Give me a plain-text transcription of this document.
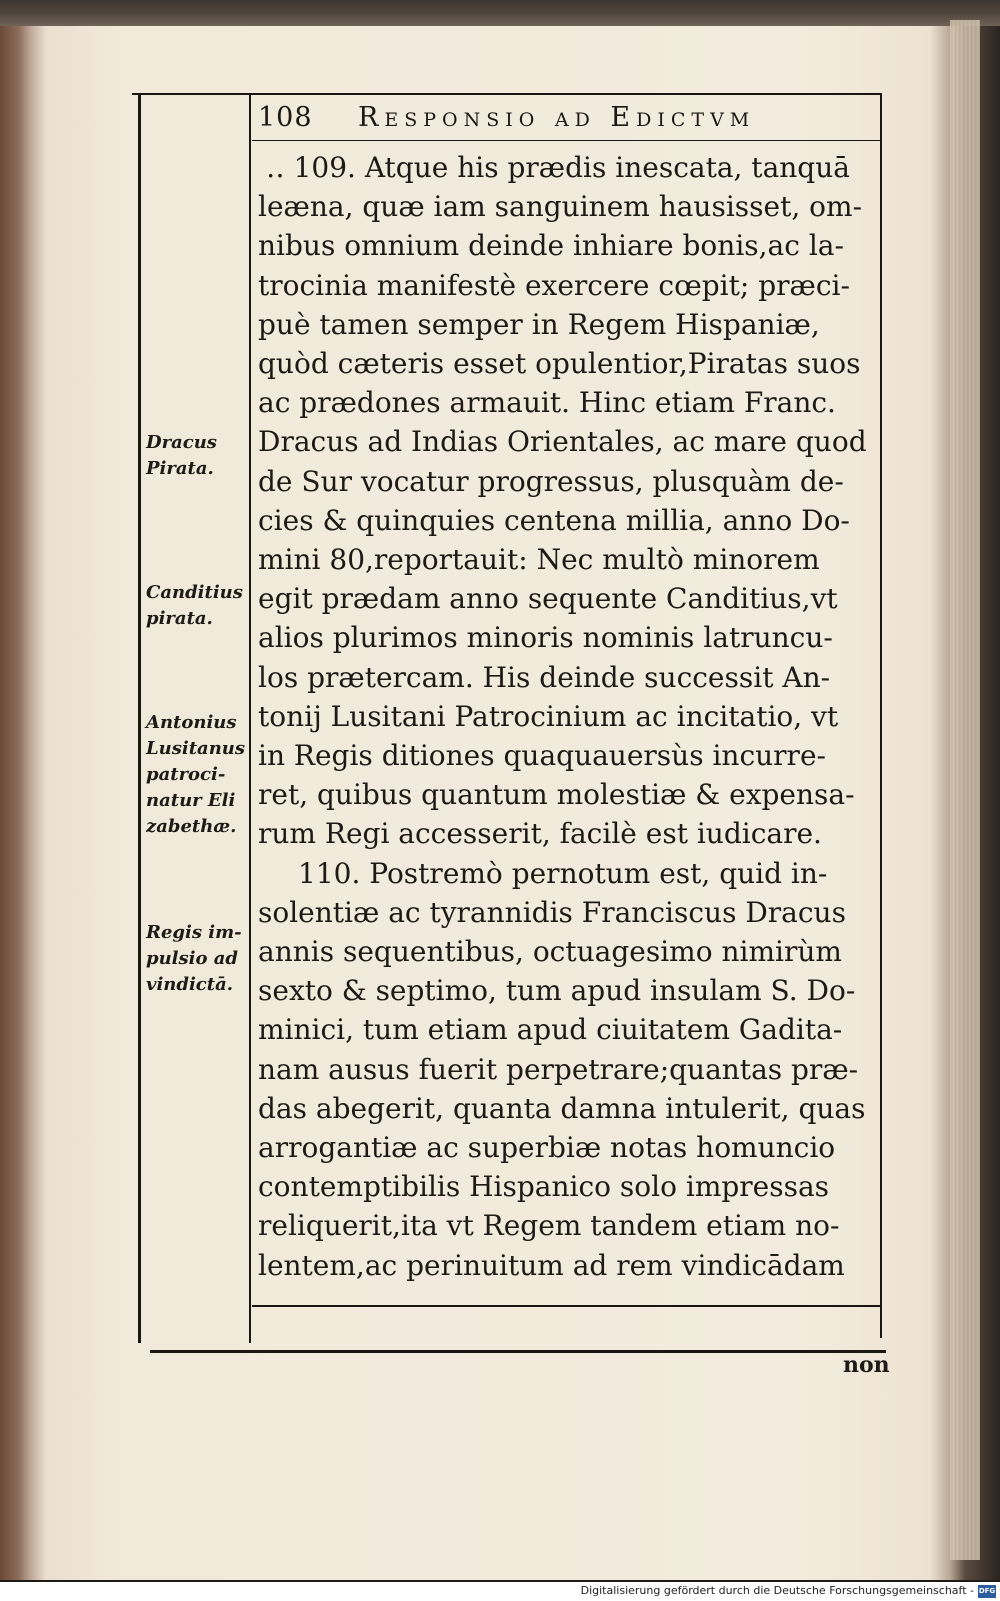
108 Responsio ad Edictvm
‥ 109. Atque his prædis inescata, tanquā
leæna, quæ iam sanguinem hausisset, om-
nibus omnium deinde inhiare bonis,ac la-
trocinia manifestè exercere cœpit; præci-
puè tamen semper in Regem Hispaniæ,
quòd cæteris esset opulentior,Piratas suos
ac prædones armauit. Hinc etiam Franc.
Dracus ad Indias Orientales, ac mare quod
de Sur vocatur progressus, plusquàm de-
cies & quinquies centena millia, anno Do-
mini 80,reportauit: Nec multò minorem
egit prædam anno sequente Canditius,vt
alios plurimos minoris nominis latruncu-
los prætercam. His deinde successit An-
tonij Lusitani Patrocinium ac incitatio, vt
in Regis ditiones quaquauersùs incurre-
ret, quibus quantum molestiæ & expensa-
rum Regi accesserit, facilè est iudicare.
110. Postremò pernotum est, quid in-
solentiæ ac tyrannidis Franciscus Dracus
annis sequentibus, octuagesimo nimirùm
sexto & septimo, tum apud insulam S. Do-
minici, tum etiam apud ciuitatem Gadita-
nam ausus fuerit perpetrare;quantas præ-
das abegerit, quanta damna intulerit, quas
arrogantiæ ac superbiæ notas homuncio
contemptibilis Hispanico solo impressas
reliquerit,ita vt Regem tandem etiam no-
lentem,ac perinuitum ad rem vindicādam
Dracus
Pirata.
Canditius
pirata.
Antonius
Lusitanus
patroci-
natur Eli
zabethæ.
Regis im-
pulsio ad
vindictā.
non
Digitalisierung gefördert durch die Deutsche Forschungsgemeinschaft - DFG
